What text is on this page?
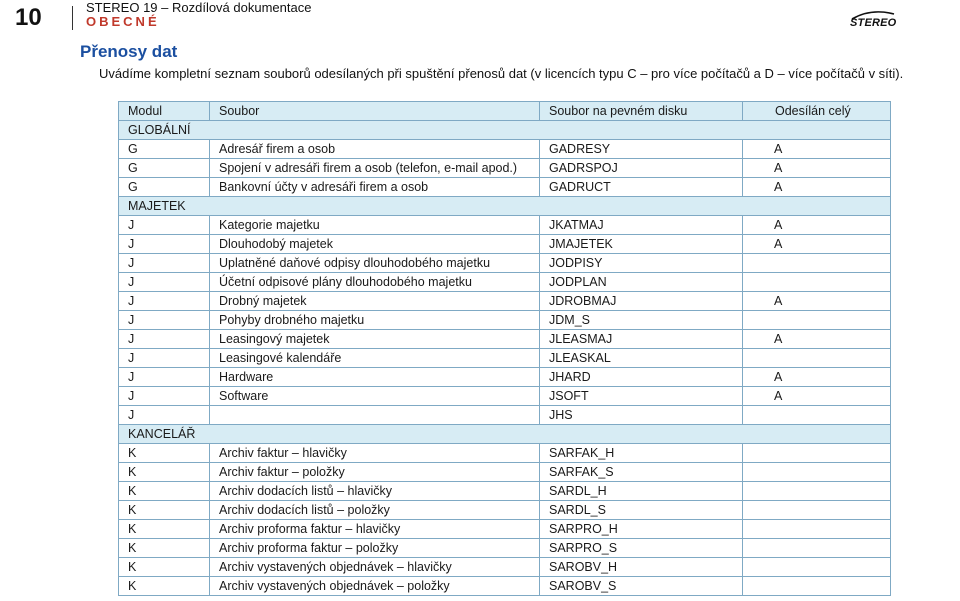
10	STEREO 19 – Rozdílová dokumentace
OBECNÉ	STEREO
Přenosy dat

Uvádíme kompletní seznam souborů odesílaných při spuštění přenosů dat (v licencích typu C – pro více počítačů a D – více počítačů v síti).

Modul	Soubor	Soubor na pevném disku	Odesílán celý
GLOBÁLNÍ			
G	Adresář firem a osob	GADRESY	A
G	Spojení v adresáři firem a osob (telefon, e-mail apod.)	GADRSPOJ	A
G	Bankovní účty v adresáři firem a osob	GADRUCT	A
MAJETEK			
J	Kategorie majetku	JKATMAJ	A
J	Dlouhodobý majetek	JMAJETEK	A
J	Uplatněné daňové odpisy dlouhodobého majetku	JODPISY	
J	Účetní odpisové plány dlouhodobého majetku	JODPLAN	
J	Drobný majetek	JDROBMAJ	A
J	Pohyby drobného majetku	JDM_S	
J	Leasingový majetek	JLEASMAJ	A
J	Leasingové kalendáře	JLEASKAL	
J	Hardware	JHARD	A
J	Software	JSOFT	A
J		JHS	
KANCELÁŘ			
K	Archiv faktur – hlavičky	SARFAK_H	
K	Archiv faktur – položky	SARFAK_S	
K	Archiv dodacích listů – hlavičky	SARDL_H	
K	Archiv dodacích listů – položky	SARDL_S	
K	Archiv proforma faktur – hlavičky	SARPRO_H	
K	Archiv proforma faktur – položky	SARPRO_S	
K	Archiv vystavených objednávek – hlavičky	SAROBV_H	
K	Archiv vystavených objednávek – položky	SAROBV_S	
